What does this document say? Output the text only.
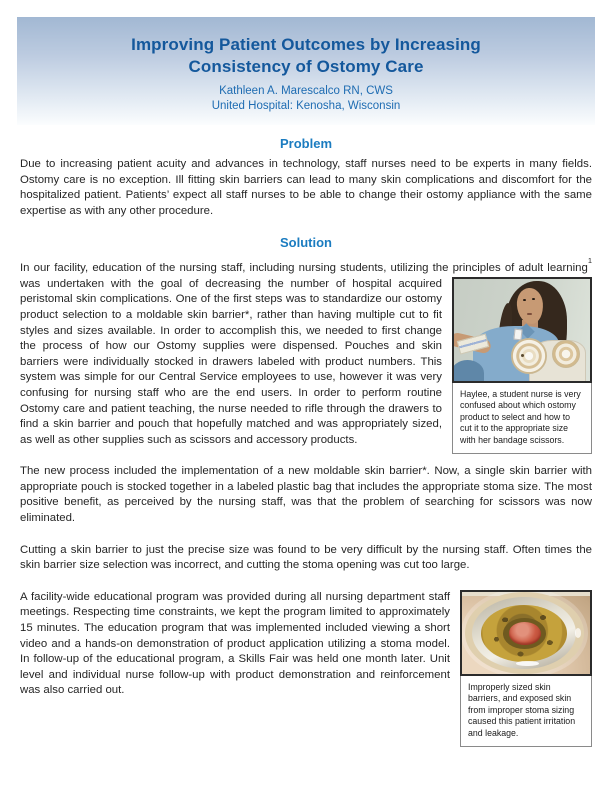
Improving Patient Outcomes by Increasing
Consistency of Ostomy Care
Kathleen A. Marescalco RN, CWS
United Hospital: Kenosha, Wisconsin
Problem

Due to increasing patient acuity and advances in technology, staff nurses need to be experts in many fields. Ostomy care is no exception. Ill fitting skin barriers can lead to many skin complications and discomfort for the hospitalized patient. Patients’ expect all staff nurses to be able to change their ostomy appliance with the same expertise as with any other procedure.

Solution
In our facility, education of the nursing staff, including nursing students, utilizing the principles of adult learning$^1$ was undertaken with the goal of decreasing the number of hospital
Haylee, a student nurse is very confused about which ostomy product to select and how to cut it to the appropriate size with her bandage scissors.
acquired peristomal skin complications. One of the first steps was to standardize our ostomy product selection to a moldable skin barrier*, rather than having multiple cut to fit styles and sizes available. In order to accomplish this, we needed to first change the process of how our Ostomy supplies were dispensed. Pouches and skin barriers were individually stocked in drawers labeled with product numbers. This system was simple for our Central Service employees to use, however it was very confusing for nursing staff who are the end users. In order to perform routine Ostomy care and patient teaching, the nurse needed to rifle through the drawers to find a skin barrier and pouch that hopefully matched and was appropriately sized, as well as other supplies such as scissors and accessory products.

The new process included the implementation of a new moldable skin barrier*. Now, a single skin barrier with appropriate pouch is stocked together in a labeled plastic bag that includes the appropriate stoma size. The most positive benefit, as perceived by the nursing staff, was that the problem of searching for scissors was now eliminated.

Cutting a skin barrier to just the precise size was found to be very difficult by the nursing staff. Often times the skin barrier size selection was incorrect, and cutting the stoma opening was cut too large.

Improperly sized skin barriers, and exposed skin from improper stoma sizing caused this patient irritation and leakage.
A facility-wide educational program was provided during all nursing department staff meetings. Respecting time constraints, we kept the program limited to approximately 15 minutes. The education program that was implemented included viewing a short video and a hands-on demonstration of product application utilizing a stoma model. In follow-up of the educational program, a Skills Fair was held one month later. Unit level and individual nurse follow-up with product demonstration and reinforcement was also carried out.
